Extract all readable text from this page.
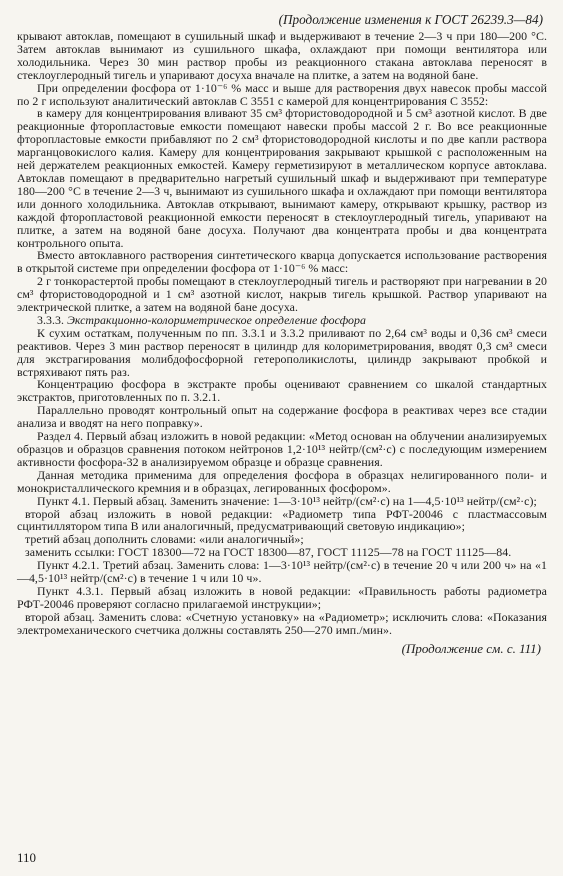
(Продолжение изменения к ГОСТ 26239.3—84)

крывают автоклав, помещают в сушильный шкаф и выдерживают в течение 2—3 ч при 180—200 °С. Затем автоклав вынимают из сушильного шкафа, охлаждают при помощи вентилятора или холодильника. Через 30 мин раствор пробы из реакционного стакана автоклава переносят в стеклоуглеродный тигель и упаривают досуха вначале на плитке, а затем на водяной бане.

При определении фосфора от 1·10⁻⁶ % масс и выше для растворения двух навесок пробы массой по 2 г используют аналитический автоклав С 3551 с камерой для концентрирования С 3552:

в камеру для концентрирования вливают 35 см³ фтористоводородной и 5 см³ азотной кислот. В две реакционные фторопластовые емкости помещают навески пробы массой 2 г. Во все реакционные фторопластовые емкости прибавляют по 2 см³ фтористоводородной кислоты и по две капли раствора марганцовокислого калия. Камеру для концентрирования закрывают крышкой с расположенным на ней держателем реакционных емкостей. Камеру герметизируют в металлическом корпусе автоклава. Автоклав помещают в предварительно нагретый сушильный шкаф и выдерживают при температуре 180—200 °С в течение 2—3 ч, вынимают из сушильного шкафа и охлаждают при помощи вентилятора или донного холодильника. Автоклав открывают, вынимают камеру, открывают крышку, раствор из каждой фторопластовой реакционной емкости переносят в стеклоуглеродный тигель, упаривают на плитке, а затем на водяной бане досуха. Получают два концентрата пробы и два концентрата контрольного опыта.

Вместо автоклавного растворения синтетического кварца допускается использование растворения в открытой системе при определении фосфора от 1·10⁻⁶ % масс:

2 г тонкорастертой пробы помещают в стеклоуглеродный тигель и растворяют при нагревании в 20 см³ фтористоводородной и 1 см³ азотной кислот, накрыв тигель крышкой. Раствор упаривают на электрической плитке, а затем на водяной бане досуха.

3.3.3. Экстракционно-колориметрическое определение фосфора

К сухим остаткам, полученным по пп. 3.3.1 и 3.3.2 приливают по 2,64 см³ воды и 0,36 см³ смеси реактивов. Через 3 мин раствор переносят в цилиндр для колориметрирования, вводят 0,3 см³ смеси для экстрагирования молибдофосфорной гетерополикислоты, цилиндр закрывают пробкой и встряхивают пять раз.

Концентрацию фосфора в экстракте пробы оценивают сравнением со шкалой стандартных экстрактов, приготовленных по п. 3.2.1.

Параллельно проводят контрольный опыт на содержание фосфора в реактивах через все стадии анализа и вводят на него поправку».

Раздел 4. Первый абзац изложить в новой редакции: «Метод основан на облучении анализируемых образцов и образцов сравнения потоком нейтронов 1,2·10¹³ нейтр/(см²·с) с последующим измерением активности фосфора-32 в анализируемом образце и образце сравнения.

Данная методика применима для определения фосфора в образцах нелигированного поли- и монокристаллического кремния и в образцах, легированных фосфором».

Пункт 4.1. Первый абзац. Заменить значение: 1—3·10¹³ нейтр/(см²·с) на 1—4,5·10¹³ нейтр/(см²·с);

второй абзац изложить в новой редакции: «Радиометр типа РФТ-20046 с пластмассовым сцинтиллятором типа В или аналогичный, предусматривающий световую индикацию»;

третий абзац дополнить словами: «или аналогичный»;

заменить ссылки: ГОСТ 18300—72 на ГОСТ 18300—87, ГОСТ 11125—78 на ГОСТ 11125—84.

Пункт 4.2.1. Третий абзац. Заменить слова: 1—3·10¹³ нейтр/(см²·с) в течение 20 ч или 200 ч» на «1—4,5·10¹³ нейтр/(см²·с) в течение 1 ч или 10 ч».

Пункт 4.3.1. Первый абзац изложить в новой редакции: «Правильность работы радиометра РФТ-20046 проверяют согласно прилагаемой инструкции»;

второй абзац. Заменить слова: «Счетную установку» на «Радиометр»; исключить слова: «Показания электромеханического счетчика должны составлять 250—270 имп./мин».

(Продолжение см. с. 111)
110
